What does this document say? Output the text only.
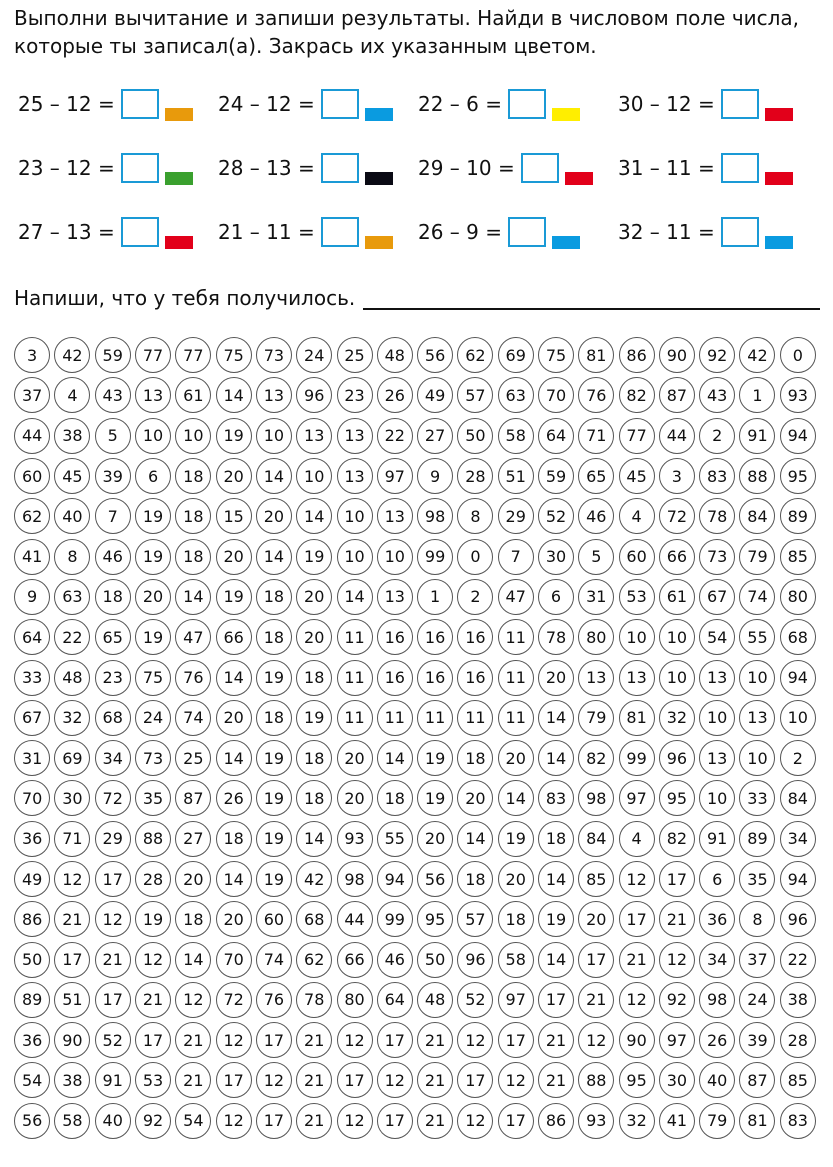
Выполни вычитание и запиши результаты. Найди в числовом поле числа,

которые ты записал(а). Закрась их указанным цветом.

25 – 12 =	24 – 12 =	22 – 6 =	30 – 12 =
23 – 12 =	28 – 13 =	29 – 10 =	31 – 11 =
27 – 13 =	21 – 11 =	26 – 9 =	32 – 11 =
Напиши, что у тебя получилось.
3	42	59	77	77	75	73	24	25	48	56	62	69	75	81	86	90	92	42	0
37	4	43	13	61	14	13	96	23	26	49	57	63	70	76	82	87	43	1	93
44	38	5	10	10	19	10	13	13	22	27	50	58	64	71	77	44	2	91	94
60	45	39	6	18	20	14	10	13	97	9	28	51	59	65	45	3	83	88	95
62	40	7	19	18	15	20	14	10	13	98	8	29	52	46	4	72	78	84	89
41	8	46	19	18	20	14	19	10	10	99	0	7	30	5	60	66	73	79	85
9	63	18	20	14	19	18	20	14	13	1	2	47	6	31	53	61	67	74	80
64	22	65	19	47	66	18	20	11	16	16	16	11	78	80	10	10	54	55	68
33	48	23	75	76	14	19	18	11	16	16	16	11	20	13	13	10	13	10	94
67	32	68	24	74	20	18	19	11	11	11	11	11	14	79	81	32	10	13	10
31	69	34	73	25	14	19	18	20	14	19	18	20	14	82	99	96	13	10	2
70	30	72	35	87	26	19	18	20	18	19	20	14	83	98	97	95	10	33	84
36	71	29	88	27	18	19	14	93	55	20	14	19	18	84	4	82	91	89	34
49	12	17	28	20	14	19	42	98	94	56	18	20	14	85	12	17	6	35	94
86	21	12	19	18	20	60	68	44	99	95	57	18	19	20	17	21	36	8	96
50	17	21	12	14	70	74	62	66	46	50	96	58	14	17	21	12	34	37	22
89	51	17	21	12	72	76	78	80	64	48	52	97	17	21	12	92	98	24	38
36	90	52	17	21	12	17	21	12	17	21	12	17	21	12	90	97	26	39	28
54	38	91	53	21	17	12	21	17	12	21	17	12	21	88	95	30	40	87	85
56	58	40	92	54	12	17	21	12	17	21	12	17	86	93	32	41	79	81	83
